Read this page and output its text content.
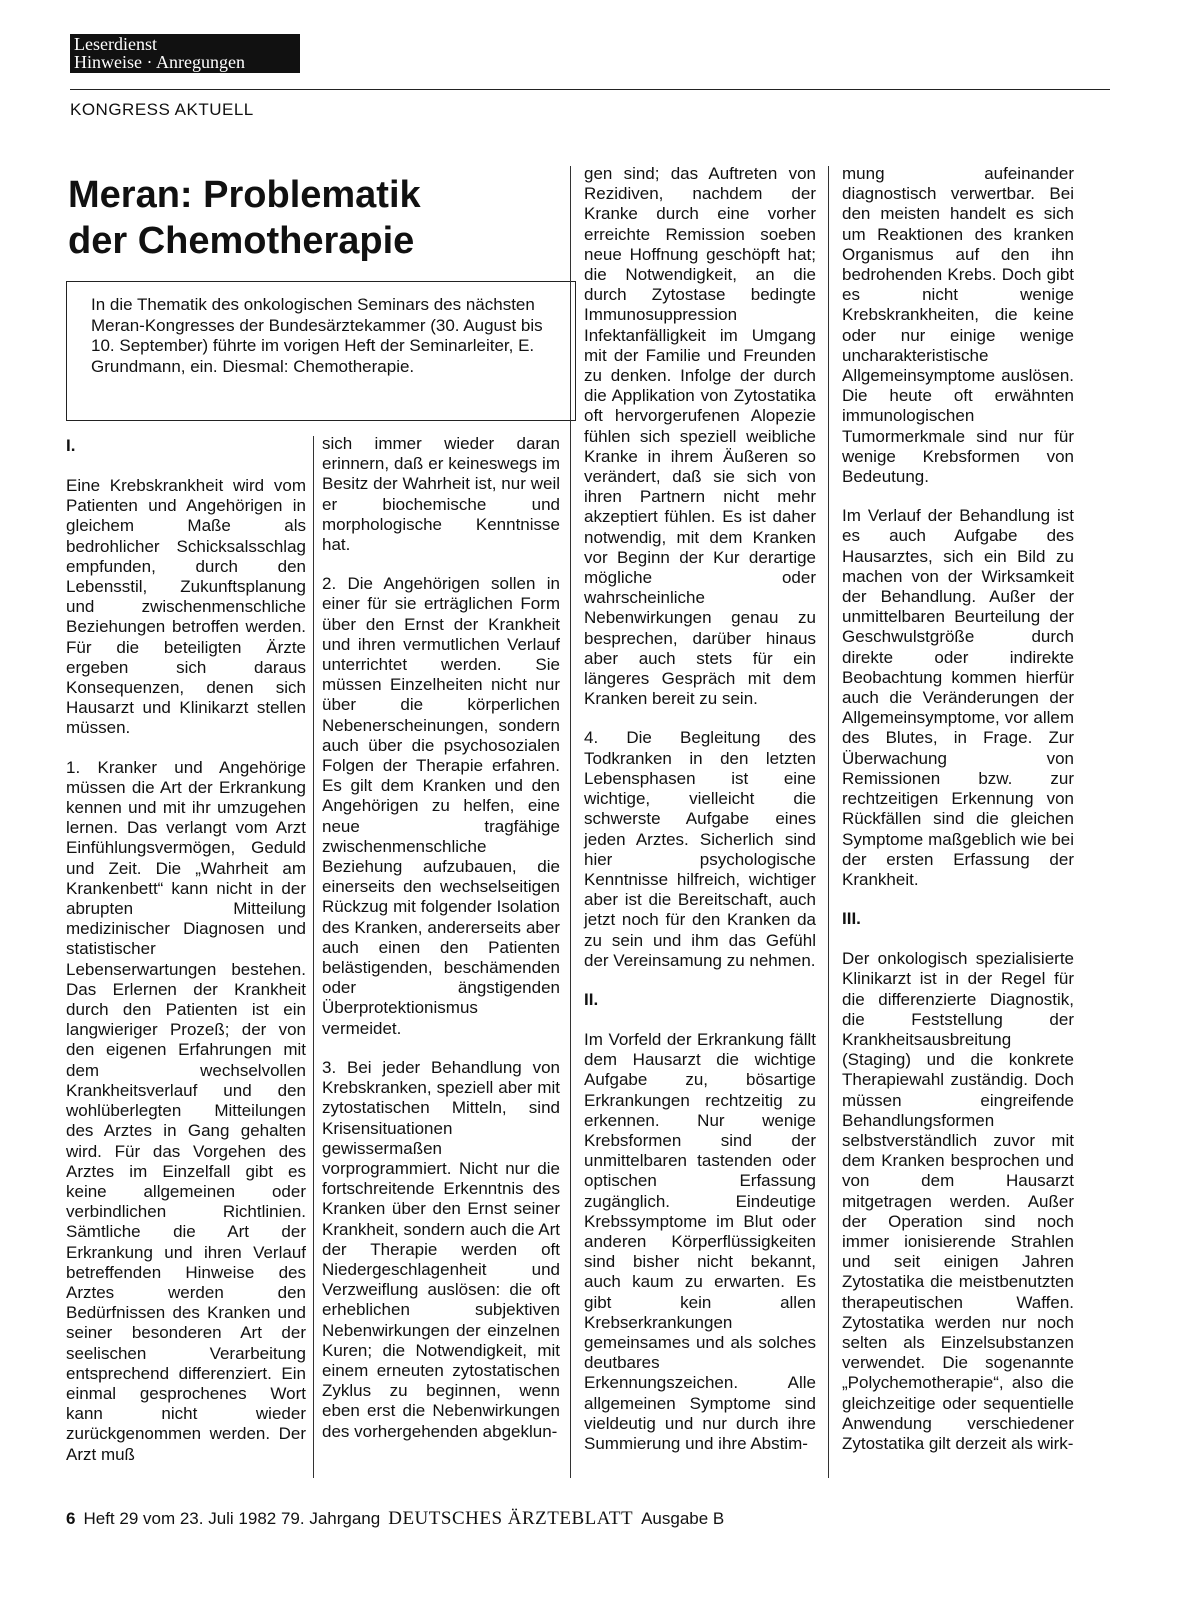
Leserdienst
Hinweise · Anregungen
KONGRESS AKTUELL
Meran: Problematik
der Chemotherapie

In die Thematik des onkologischen Seminars des nächsten Meran-Kongresses der Bundesärztekammer (30. August bis 10. September) führte im vorigen Heft der Seminarleiter, E. Grundmann, ein. Diesmal: Chemotherapie.

I.

Eine Krebskrankheit wird vom Patienten und Angehörigen in gleichem Maße als bedrohlicher Schicksalsschlag empfunden, durch den Lebensstil, Zukunftsplanung und zwischenmenschliche Beziehungen betroffen werden. Für die beteiligten Ärzte ergeben sich daraus Konsequenzen, denen sich Hausarzt und Klinikarzt stellen müssen.

1. Kranker und Angehörige müssen die Art der Erkrankung kennen und mit ihr umzugehen lernen. Das verlangt vom Arzt Einfühlungsvermögen, Geduld und Zeit. Die „Wahrheit am Krankenbett“ kann nicht in der abrupten Mitteilung medizinischer Diagnosen und statistischer Lebenserwartungen bestehen. Das Erlernen der Krankheit durch den Patienten ist ein langwieriger Prozeß; der von den eigenen Erfahrungen mit dem wechselvollen Krankheitsverlauf und den wohlüberlegten Mitteilungen des Arztes in Gang gehalten wird. Für das Vorgehen des Arztes im Einzelfall gibt es keine allgemeinen oder verbindlichen Richtlinien. Sämtliche die Art der Erkrankung und ihren Verlauf betreffenden Hinweise des Arztes werden den Bedürfnissen des Kranken und seiner besonderen Art der seelischen Verarbeitung entsprechend differenziert. Ein einmal gesprochenes Wort kann nicht wieder zurückgenommen werden. Der Arzt muß

sich immer wieder daran erinnern, daß er keineswegs im Besitz der Wahrheit ist, nur weil er biochemische und morphologische Kenntnisse hat.

2. Die Angehörigen sollen in einer für sie erträglichen Form über den Ernst der Krankheit und ihren vermutlichen Verlauf unterrichtet werden. Sie müssen Einzelheiten nicht nur über die körperlichen Nebenerscheinungen, sondern auch über die psychosozialen Folgen der Therapie erfahren. Es gilt dem Kranken und den Angehörigen zu helfen, eine neue tragfähige zwischenmenschliche Beziehung aufzubauen, die einerseits den wechselseitigen Rückzug mit folgender Isolation des Kranken, andererseits aber auch einen den Patienten belästigenden, beschämenden oder ängstigenden Überprotektionismus vermeidet.

3. Bei jeder Behandlung von Krebskranken, speziell aber mit zytostatischen Mitteln, sind Krisensituationen gewissermaßen vorprogrammiert. Nicht nur die fortschreitende Erkenntnis des Kranken über den Ernst seiner Krankheit, sondern auch die Art der Therapie werden oft Niedergeschlagenheit und Verzweiflung auslösen: die oft erheblichen subjektiven Nebenwirkungen der einzelnen Kuren; die Notwendigkeit, mit einem erneuten zytostatischen Zyklus zu beginnen, wenn eben erst die Nebenwirkungen des vorhergehenden abgeklun-

gen sind; das Auftreten von Rezidiven, nachdem der Kranke durch eine vorher erreichte Remission soeben neue Hoffnung geschöpft hat; die Notwendigkeit, an die durch Zytostase bedingte Immunosuppression Infektanfälligkeit im Umgang mit der Familie und Freunden zu denken. Infolge der durch die Applikation von Zytostatika oft hervorgerufenen Alopezie fühlen sich speziell weibliche Kranke in ihrem Äußeren so verändert, daß sie sich von ihren Partnern nicht mehr akzeptiert fühlen. Es ist daher notwendig, mit dem Kranken vor Beginn der Kur derartige mögliche oder wahrscheinliche Nebenwirkungen genau zu besprechen, darüber hinaus aber auch stets für ein längeres Gespräch mit dem Kranken bereit zu sein.

4. Die Begleitung des Todkranken in den letzten Lebensphasen ist eine wichtige, vielleicht die schwerste Aufgabe eines jeden Arztes. Sicherlich sind hier psychologische Kenntnisse hilfreich, wichtiger aber ist die Bereitschaft, auch jetzt noch für den Kranken da zu sein und ihm das Gefühl der Vereinsamung zu nehmen.

II.

Im Vorfeld der Erkrankung fällt dem Hausarzt die wichtige Aufgabe zu, bösartige Erkrankungen rechtzeitig zu erkennen. Nur wenige Krebsformen sind der unmittelbaren tastenden oder optischen Erfassung zugänglich. Eindeutige Krebssymptome im Blut oder anderen Körperflüssigkeiten sind bisher nicht bekannt, auch kaum zu erwarten. Es gibt kein allen Krebserkrankungen gemeinsames und als solches deutbares Erkennungszeichen. Alle allgemeinen Symptome sind vieldeutig und nur durch ihre Summierung und ihre Abstim-

mung aufeinander diagnostisch verwertbar. Bei den meisten handelt es sich um Reaktionen des kranken Organismus auf den ihn bedrohenden Krebs. Doch gibt es nicht wenige Krebskrankheiten, die keine oder nur einige wenige uncharakteristische Allgemeinsymptome auslösen. Die heute oft erwähnten immunologischen Tumormerkmale sind nur für wenige Krebsformen von Bedeutung.

Im Verlauf der Behandlung ist es auch Aufgabe des Hausarztes, sich ein Bild zu machen von der Wirksamkeit der Behandlung. Außer der unmittelbaren Beurteilung der Geschwulstgröße durch direkte oder indirekte Beobachtung kommen hierfür auch die Veränderungen der Allgemeinsymptome, vor allem des Blutes, in Frage. Zur Überwachung von Remissionen bzw. zur rechtzeitigen Erkennung von Rückfällen sind die gleichen Symptome maßgeblich wie bei der ersten Erfassung der Krankheit.

III.

Der onkologisch spezialisierte Klinikarzt ist in der Regel für die differenzierte Diagnostik, die Feststellung der Krankheitsausbreitung (Staging) und die konkrete Therapiewahl zuständig. Doch müssen eingreifende Behandlungsformen selbstverständlich zuvor mit dem Kranken besprochen und von dem Hausarzt mitgetragen werden. Außer der Operation sind noch immer ionisierende Strahlen und seit einigen Jahren Zytostatika die meistbenutzten therapeutischen Waffen. Zytostatika werden nur noch selten als Einzelsubstanzen verwendet. Die sogenannte „Polychemotherapie“, also die gleichzeitige oder sequentielle Anwendung verschiedener Zytostatika gilt derzeit als wirk-

6 Heft 29 vom 23. Juli 1982 79. Jahrgang DEUTSCHES ÄRZTEBLATT Ausgabe B
